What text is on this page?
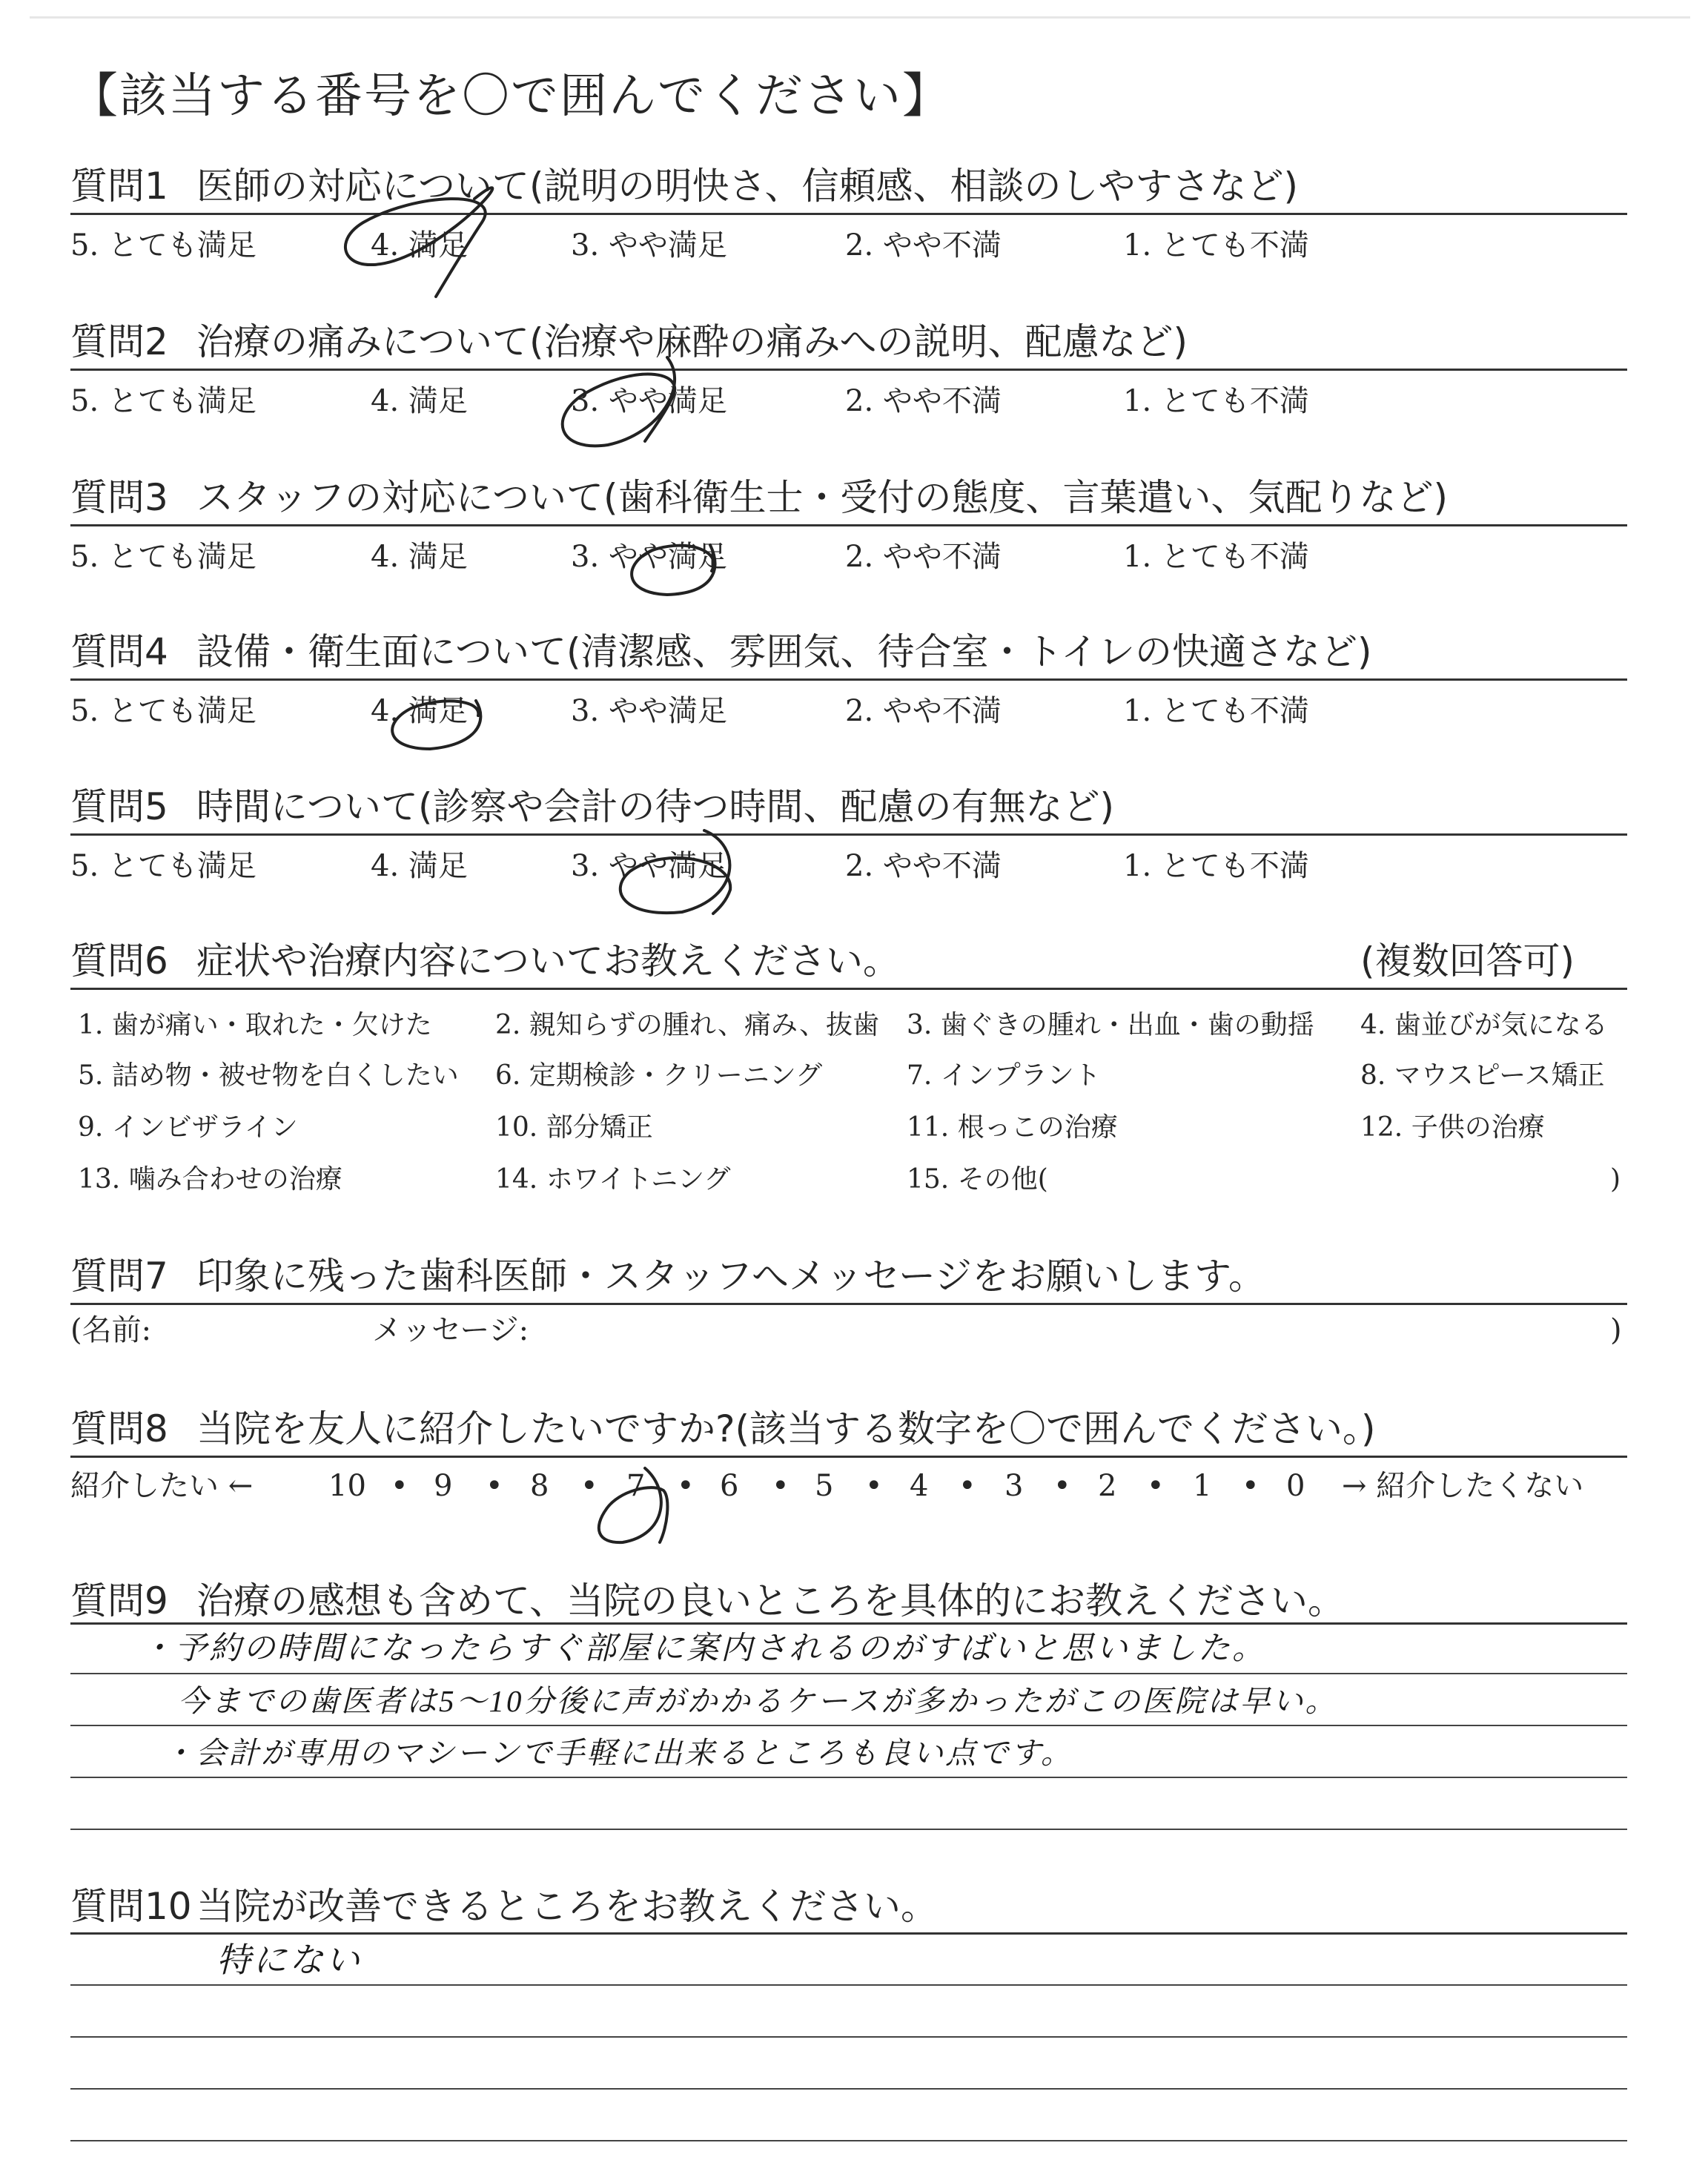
【該当する番号を〇で囲んでください】
質問1 医師の対応について(説明の明快さ、信頼感、相談のしやすさなど)
5. とても満足	4. 満足	3. やや満足	2. やや不満	1. とても不満
質問2 治療の痛みについて(治療や麻酔の痛みへの説明、配慮など)
5. とても満足	4. 満足	3. やや満足	2. やや不満	1. とても不満
質問3 スタッフの対応について(歯科衛生士・受付の態度、言葉遣い、気配りなど)
5. とても満足	4. 満足	3. やや満足	2. やや不満	1. とても不満
質問4 設備・衛生面について(清潔感、雰囲気、待合室・トイレの快適さなど)
5. とても満足	4. 満足	3. やや満足	2. やや不満	1. とても不満
質問5 時間について(診察や会計の待つ時間、配慮の有無など)
5. とても満足	4. 満足	3. やや満足	2. やや不満	1. とても不満
質問6 症状や治療内容についてお教えください。	(複数回答可)
1. 歯が痛い・取れた・欠けた 2. 親知らずの腫れ、痛み、抜歯 3. 歯ぐきの腫れ・出血・歯の動揺 4. 歯並びが気になる
5. 詰め物・被せ物を白くしたい 6. 定期検診・クリーニング	7. インプラント	8. マウスピース矯正
9. インビザライン	10. 部分矯正	11. 根っこの治療	12. 子供の治療
13. 噛み合わせの治療	14. ホワイトニング	15. その他(	)
質問7 印象に残った歯科医師・スタッフへメッセージをお願いします。
(名前:	メッセージ:	)
質問8 当院を友人に紹介したいですか?(該当する数字を〇で囲んでください。)
紹介したい ←	10 • 9 • 8 • 7 • 6 • 5 • 4 • 3 • 2 • 1 • 0 → 紹介したくない
質問9 治療の感想も含めて、当院の良いところを具体的にお教えください。
・予約の時間になったらすぐ部屋に案内されるのがすばいと思いました。
今までの歯医者は5〜10分後に声がかかるケースが多かったがこの医院は早い。
・会計が専用のマシーンで手軽に出来るところも良い点です。
質問10 当院が改善できるところをお教えください。
特にない
